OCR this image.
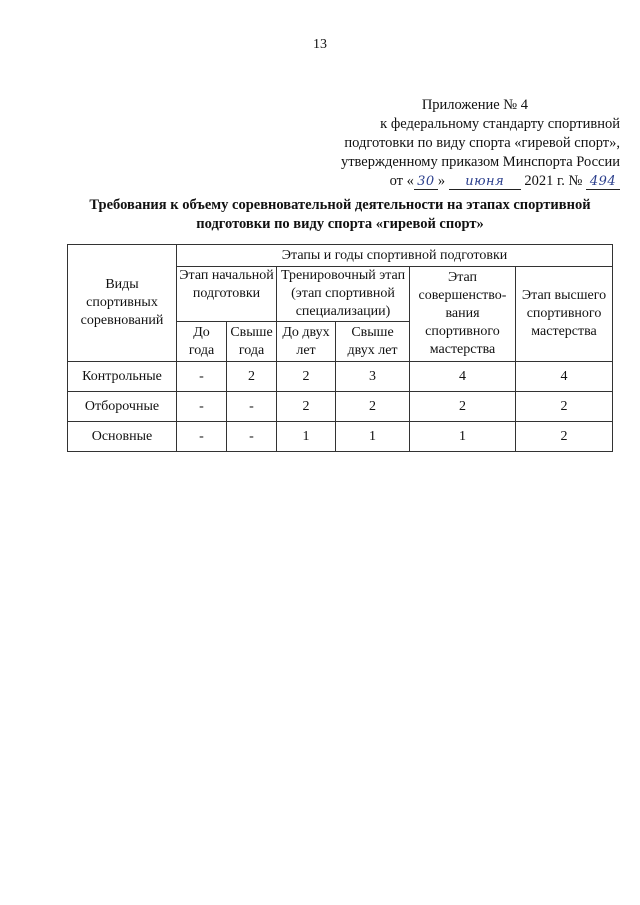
13
Приложение № 4
к федеральному стандарту спортивной
подготовки по виду спорта «гиревой спорт»,
утвержденному приказом Минспорта России
от « 30 » июня 2021 г. № 494
Требования к объему соревновательной деятельности на этапах спортивной
подготовки по виду спорта «гиревой спорт»
Виды спортивных соревнований	Этапы и годы спортивной подготовки					
	Этап начальной подготовки		Тренировочный этап (этап спортивной специализации)		Этап совершенство-вания спортивного мастерства	Этап высшего спортивного мастерства
	До года	Свыше года	До двух лет	Свыше двух лет		
Контрольные	-	2	2	3	4	4
Отборочные	-	-	2	2	2	2
Основные	-	-	1	1	1	2
